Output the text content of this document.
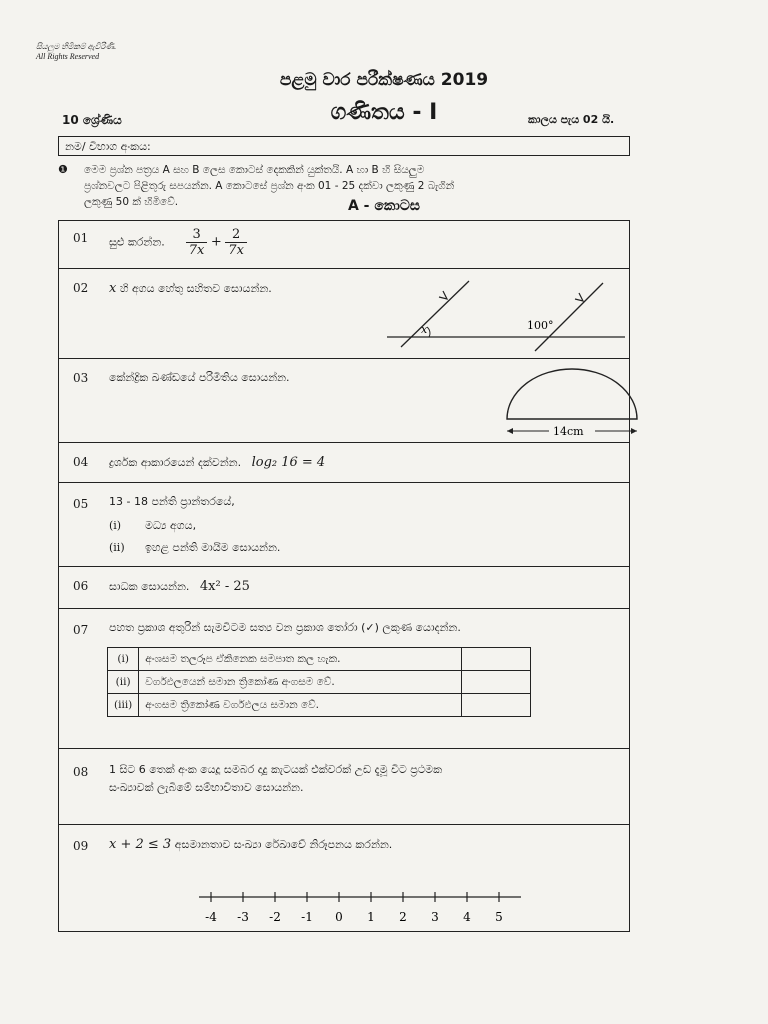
සියලුම හිමිකම් ඇවිරිණි.
All Rights Reserved
පළමු වාර පරීක්ෂණය 2019
10 ශ්‍රේණිය	ගණිතය - I	කාලය පැය 02 යි.
නම/ විභාග අංකය:
❶ මෙම ප්‍රශ්න පත්‍රය A සහ B ලෙස කොටස් දෙකකින් යුක්තයි. A හා B හි සියලුම
ප්‍රශ්නවලට පිළිතුරු සපයන්න. A කොටසේ ප්‍රශ්න අංක 01 - 25 දක්වා ලකුණු 2 බැගින්
ලකුණු 50 ක් හිමිවේ.	A - කොටස
01 සුළු කරන්න. $\frac{3}{7x} + \frac{2}{7x}$
02 x හි අගය හේතු සහිතව සොයන්න.
x	100°
03 කේන්ද්‍රික ඛණ්ඩයේ පරිමිතිය සොයන්න.
14cm
04 ද්‍රර්ශක ආකාරයෙන් දක්වන්න. log₂ 16 = 4
05 13 - 18 පන්ති ප්‍රාන්තරයේ,
(i) මධ්‍ය අගය,
(ii) ඉහළ පන්ති මායිම සොයන්න.
06 සාධක සොයන්න. 4x² - 25
07 පහත ප්‍රකාශ අතුරින් සැමවිටම සත්‍ය වන ප්‍රකාශ තෝරා (✓) ලකුණ යොදන්න.
(i)	අංශසම තලරූප ඒකිනෙක සමපාත කල හැක.	
(ii)	වර්ගඵලයෙන් සමාන ත්‍රිකෝණ අංගසම වේ.	
(iii)	අංගසම ත්‍රිකෝණ වර්ගඵලය සමාන වේ.	
08 1 සිට 6 තෙක් අංක යෙදූ සමබර දාදු කැටයක් එක්වරක් උඩ දැමූ විට ප්‍රථමක
සංඛ්‍යාවක් ලැබීමේ සම්භාවිතාව සොයන්න.
09 x + 2 ≤ 3 අසමානතාව සංඛ්‍යා රේඛාවේ නිරූපනය කරන්න.
-4 -3 -2 -1 0 1 2 3 4 5
